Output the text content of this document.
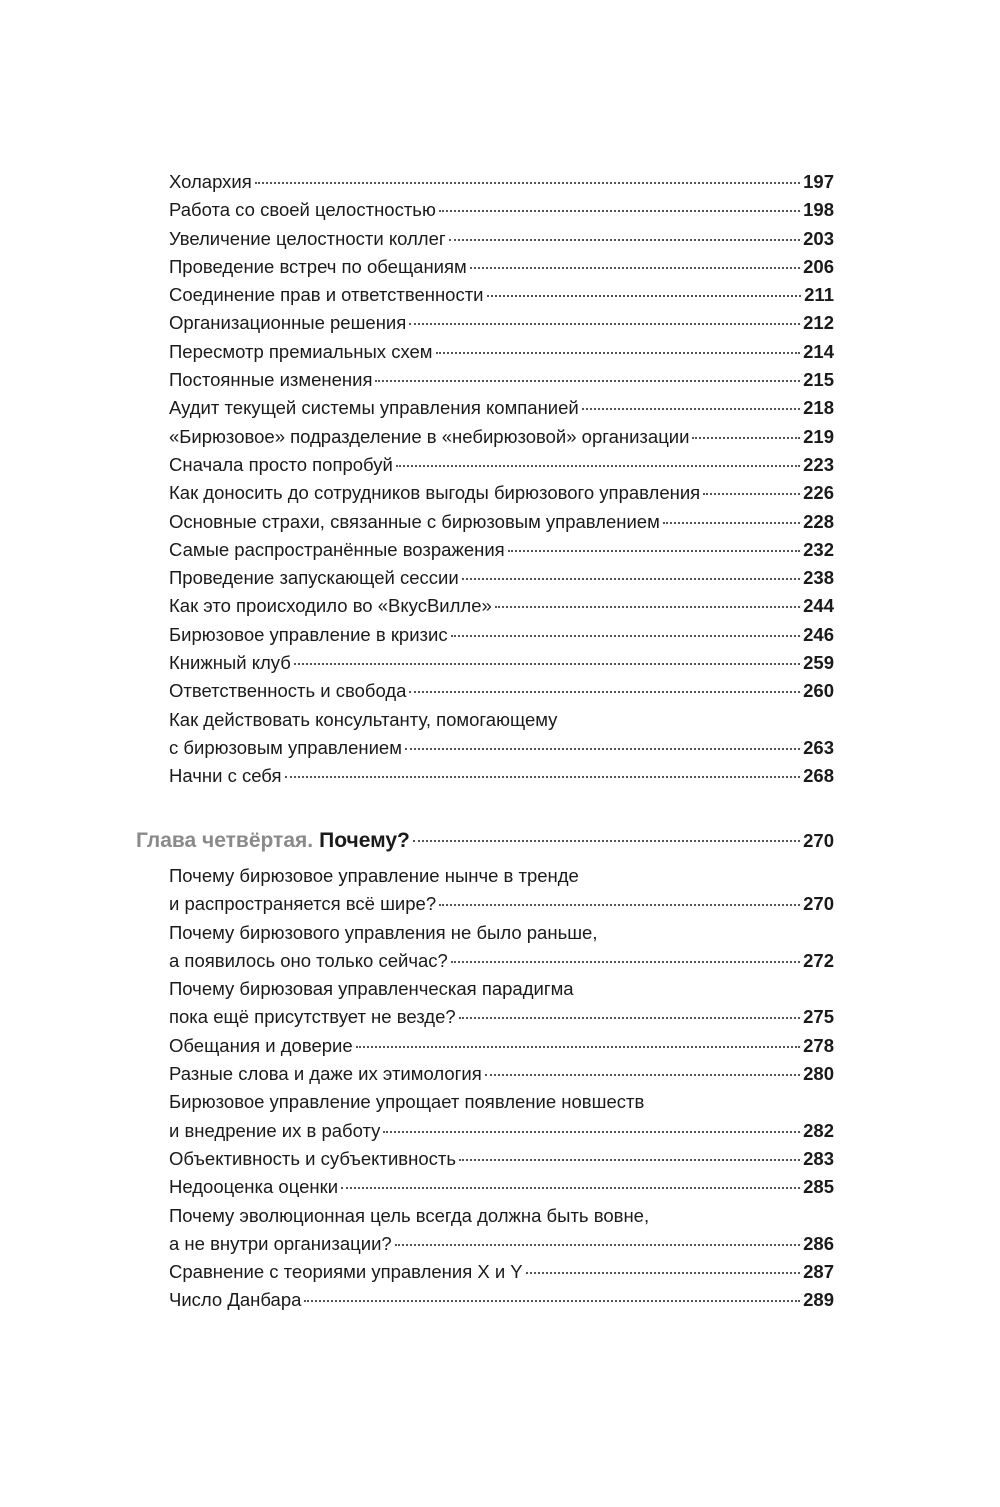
Холархия	197
Работа со своей целостностью	198
Увеличение целостности коллег	203
Проведение встреч по обещаниям	206
Соединение прав и ответственности	211
Организационные решения	212
Пересмотр премиальных схем	214
Постоянные изменения	215
Аудит текущей системы управления компанией	218
«Бирюзовое» подразделение в «небирюзовой» организации	219
Сначала просто попробуй	223
Как доносить до сотрудников выгоды бирюзового управления	226
Основные страхи, связанные с бирюзовым управлением	228
Самые распространённые возражения	232
Проведение запускающей сессии	238
Как это происходило во «ВкусВилле»	244
Бирюзовое управление в кризис	246
Книжный клуб	259
Ответственность и свобода	260
Как действовать консультанту, помогающему
с бирюзовым управлением	263
Начни с себя	268
Глава четвёртая. Почему?	270
Почему бирюзовое управление нынче в тренде
и распространяется всё шире?	270
Почему бирюзового управления не было раньше,
а появилось оно только сейчас?	272
Почему бирюзовая управленческая парадигма
пока ещё присутствует не везде?	275
Обещания и доверие	278
Разные слова и даже их этимология	280
Бирюзовое управление упрощает появление новшеств
и внедрение их в работу	282
Объективность и субъективность	283
Недооценка оценки	285
Почему эволюционная цель всегда должна быть вовне,
а не внутри организации?	286
Сравнение с теориями управления X и Y	287
Число Данбара	289
